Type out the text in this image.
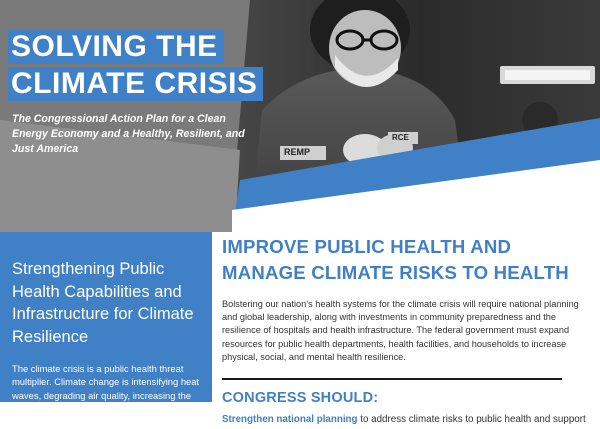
REMP
RCE
SOLVING THE
CLIMATE CRISIS
The Congressional Action Plan for a Clean Energy Economy and a Healthy, Resilient, and Just America
Strengthening Public Health Capabilities and Infrastructure for Climate Resilience
The climate crisis is a public health threat multiplier. Climate change is intensifying heat waves, degrading air quality, increasing the risk of infectious disease, and exposing people to more
IMPROVE PUBLIC HEALTH AND MANAGE CLIMATE RISKS TO HEALTH
Bolstering our nation’s health systems for the climate crisis will require national planning and global leadership, along with investments in community preparedness and the resilience of hospitals and health infrastructure. The federal government must expand resources for public health departments, health facilities, and households to increase physical, social, and mental health resilience.
CONGRESS SHOULD:
Strengthen national planning to address climate risks to public health and support
